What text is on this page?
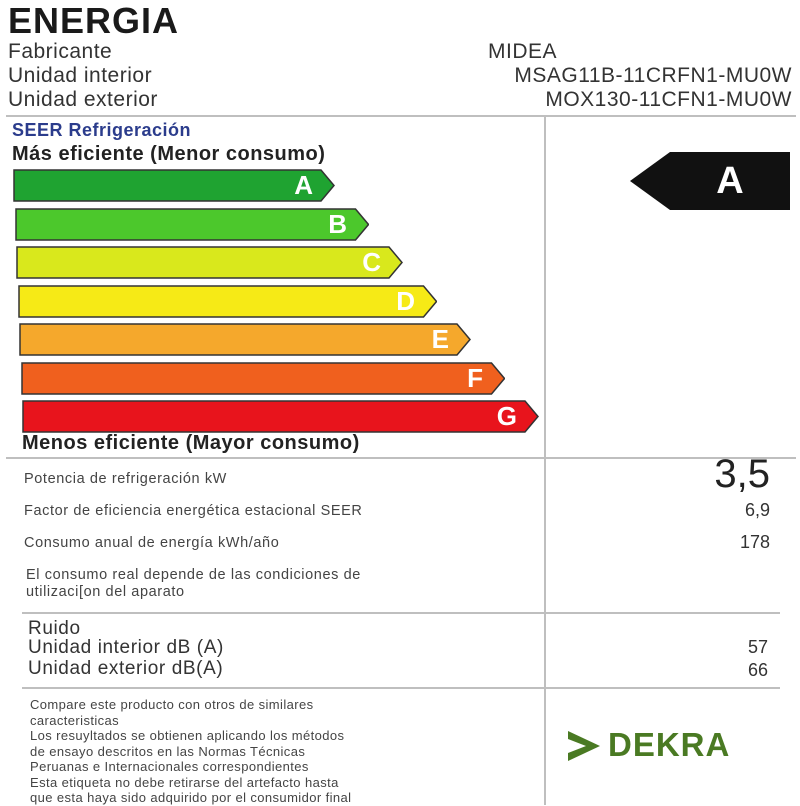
ENERGIA
Fabricante	MIDEA
Unidad interior	MSAG11B-11CRFN1-MU0W
Unidad exterior	MOX130-11CFN1-MU0W
SEER Refrigeración
Más eficiente (Menor consumo)
A
B
C
D
E
F
G
Menos eficiente (Mayor consumo)
A
Potencia de refrigeración kW	3,5
Factor de eficiencia energética estacional SEER	6,9
Consumo anual de energía kWh/año	178
El consumo real depende de las condiciones de
utilizaci[on del aparato
Ruido
Unidad interior dB (A)	57
Unidad exterior dB(A)	66
Compare este producto con otros de similares
caracteristicas
Los resuyltados se obtienen aplicando los métodos
de ensayo descritos en las Normas Técnicas
Peruanas e Internacionales correspondientes
Esta etiqueta no debe retirarse del artefacto hasta
que esta haya sido adquirido por el consumidor final
DEKRA
